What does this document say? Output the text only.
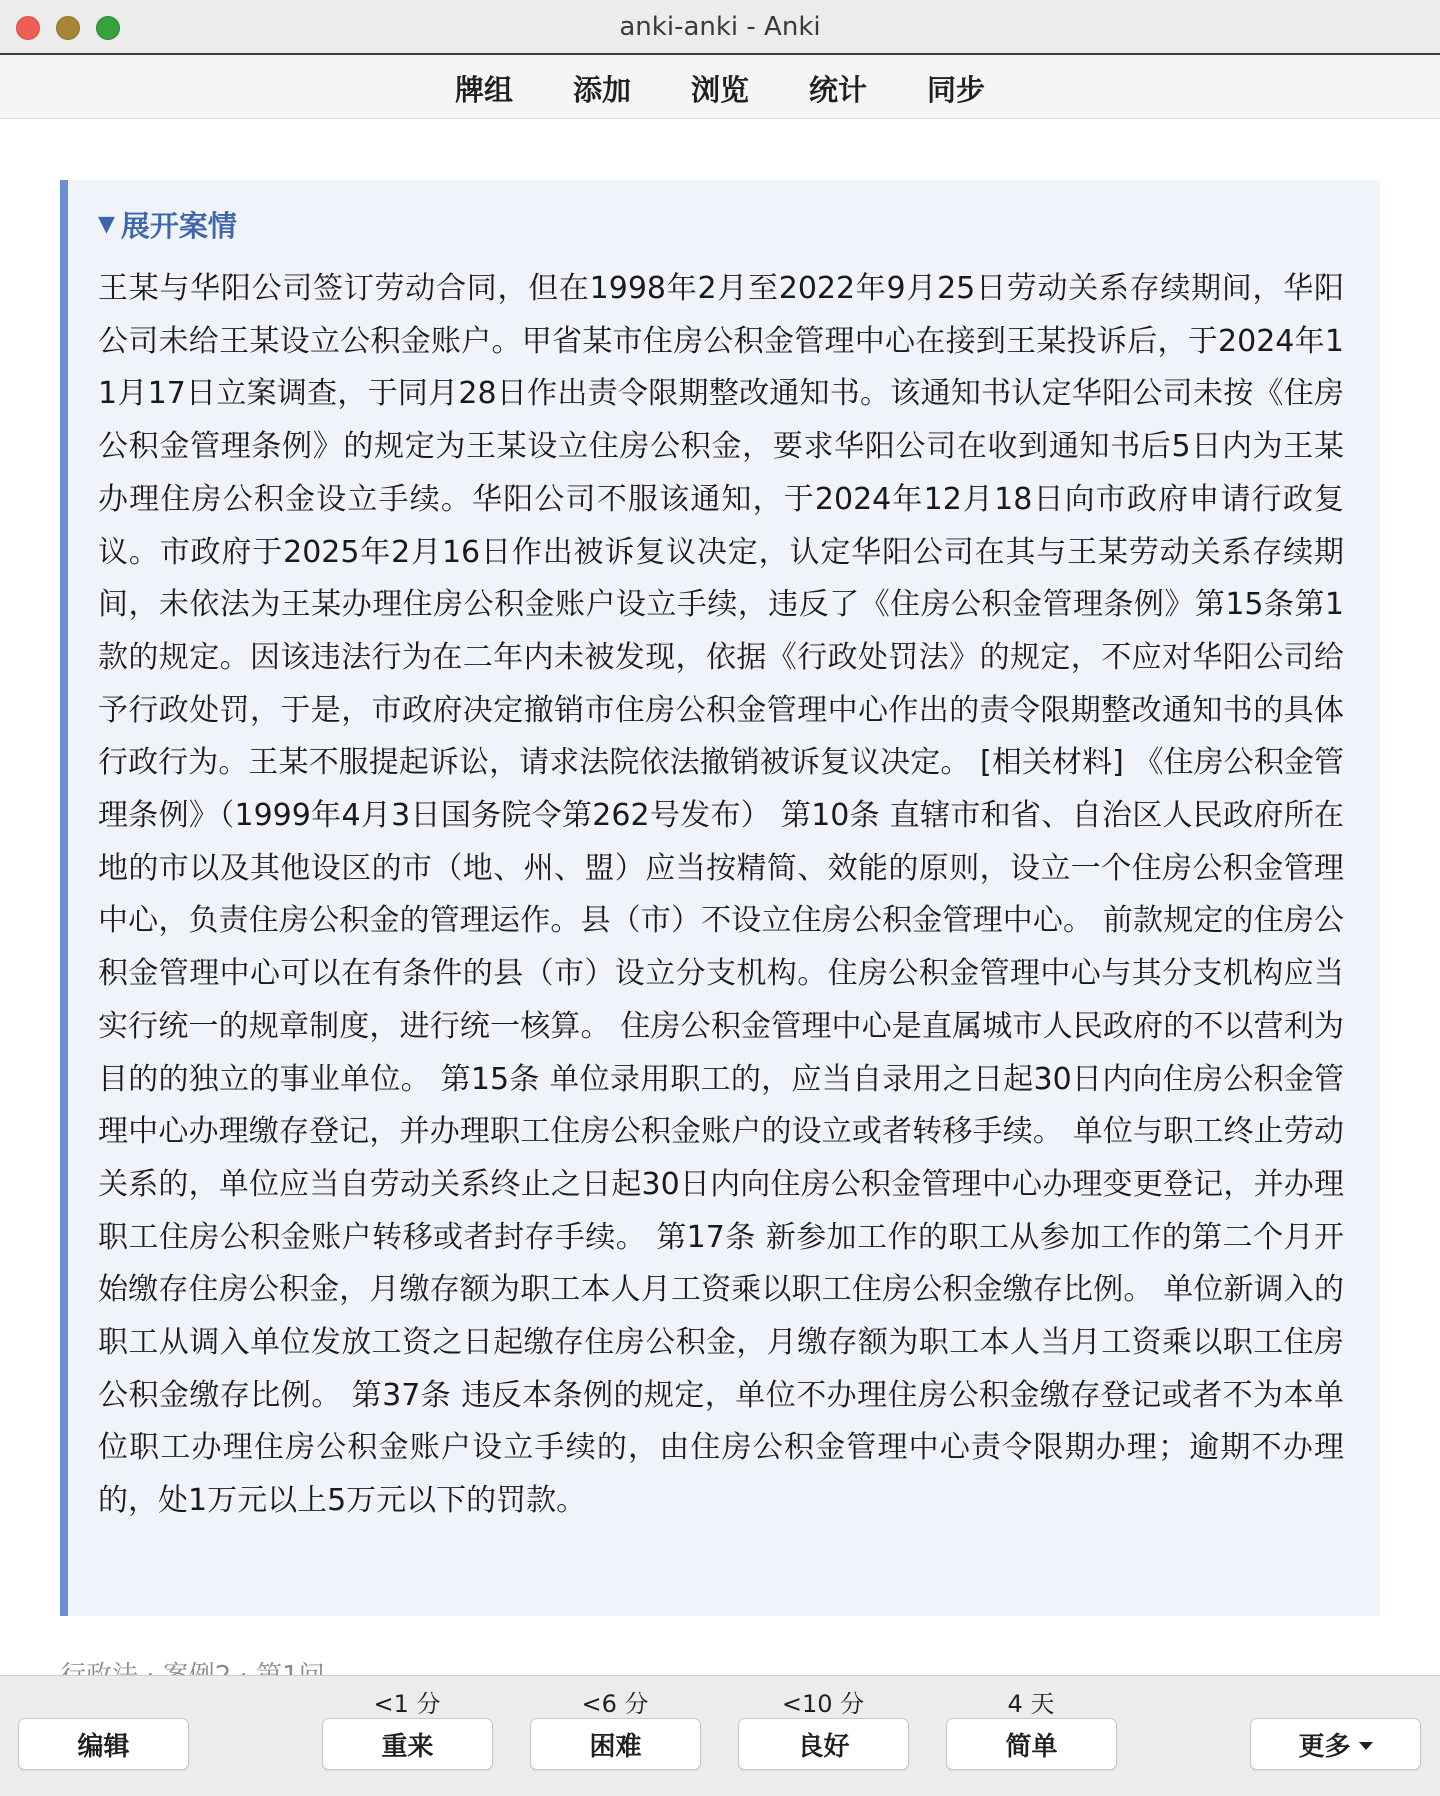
anki-anki - Anki
牌组 添加 浏览 统计 同步
▼ 展开案情
王某与华阳公司签订劳动合同，但在1998年2月至2022年9月25日劳动关系存续期间，华阳公司未给王某设立公积金账户。甲省某市住房公积金管理中心在接到王某投诉后，于2024年11月17日立案调查，于同月28日作出责令限期整改通知书。该通知书认定华阳公司未按《住房公积金管理条例》的规定为王某设立住房公积金，要求华阳公司在收到通知书后5日内为王某办理住房公积金设立手续。华阳公司不服该通知，于2024年12月18日向市政府申请行政复议。市政府于2025年2月16日作出被诉复议决定，认定华阳公司在其与王某劳动关系存续期间，未依法为王某办理住房公积金账户设立手续，违反了《住房公积金管理条例》第15条第1款的规定。因该违法行为在二年内未被发现，依据《行政处罚法》的规定，不应对华阳公司给予行政处罚，于是，市政府决定撤销市住房公积金管理中心作出的责令限期整改通知书的具体行政行为。王某不服提起诉讼，请求法院依法撤销被诉复议决定。 [相关材料] 《住房公积金管理条例》（1999年4月3日国务院令第262号发布） 第10条 直辖市和省、自治区人民政府所在地的市以及其他设区的市（地、州、盟）应当按精简、效能的原则，设立一个住房公积金管理中心，负责住房公积金的管理运作。县（市）不设立住房公积金管理中心。 前款规定的住房公积金管理中心可以在有条件的县（市）设立分支机构。住房公积金管理中心与其分支机构应当实行统一的规章制度，进行统一核算。 住房公积金管理中心是直属城市人民政府的不以营利为目的的独立的事业单位。 第15条 单位录用职工的，应当自录用之日起30日内向住房公积金管理中心办理缴存登记，并办理职工住房公积金账户的设立或者转移手续。 单位与职工终止劳动关系的，单位应当自劳动关系终止之日起30日内向住房公积金管理中心办理变更登记，并办理职工住房公积金账户转移或者封存手续。 第17条 新参加工作的职工从参加工作的第二个月开始缴存住房公积金，月缴存额为职工本人月工资乘以职工住房公积金缴存比例。 单位新调入的职工从调入单位发放工资之日起缴存住房公积金，月缴存额为职工本人当月工资乘以职工住房公积金缴存比例。 第37条 违反本条例的规定，单位不办理住房公积金缴存登记或者不为本单位职工办理住房公积金账户设立手续的，由住房公积金管理中心责令限期办理；逾期不办理的，处1万元以上5万元以下的罚款。
编辑
<1 分
重来
<6 分
困难
<10 分
良好
4 天
简单	更多
